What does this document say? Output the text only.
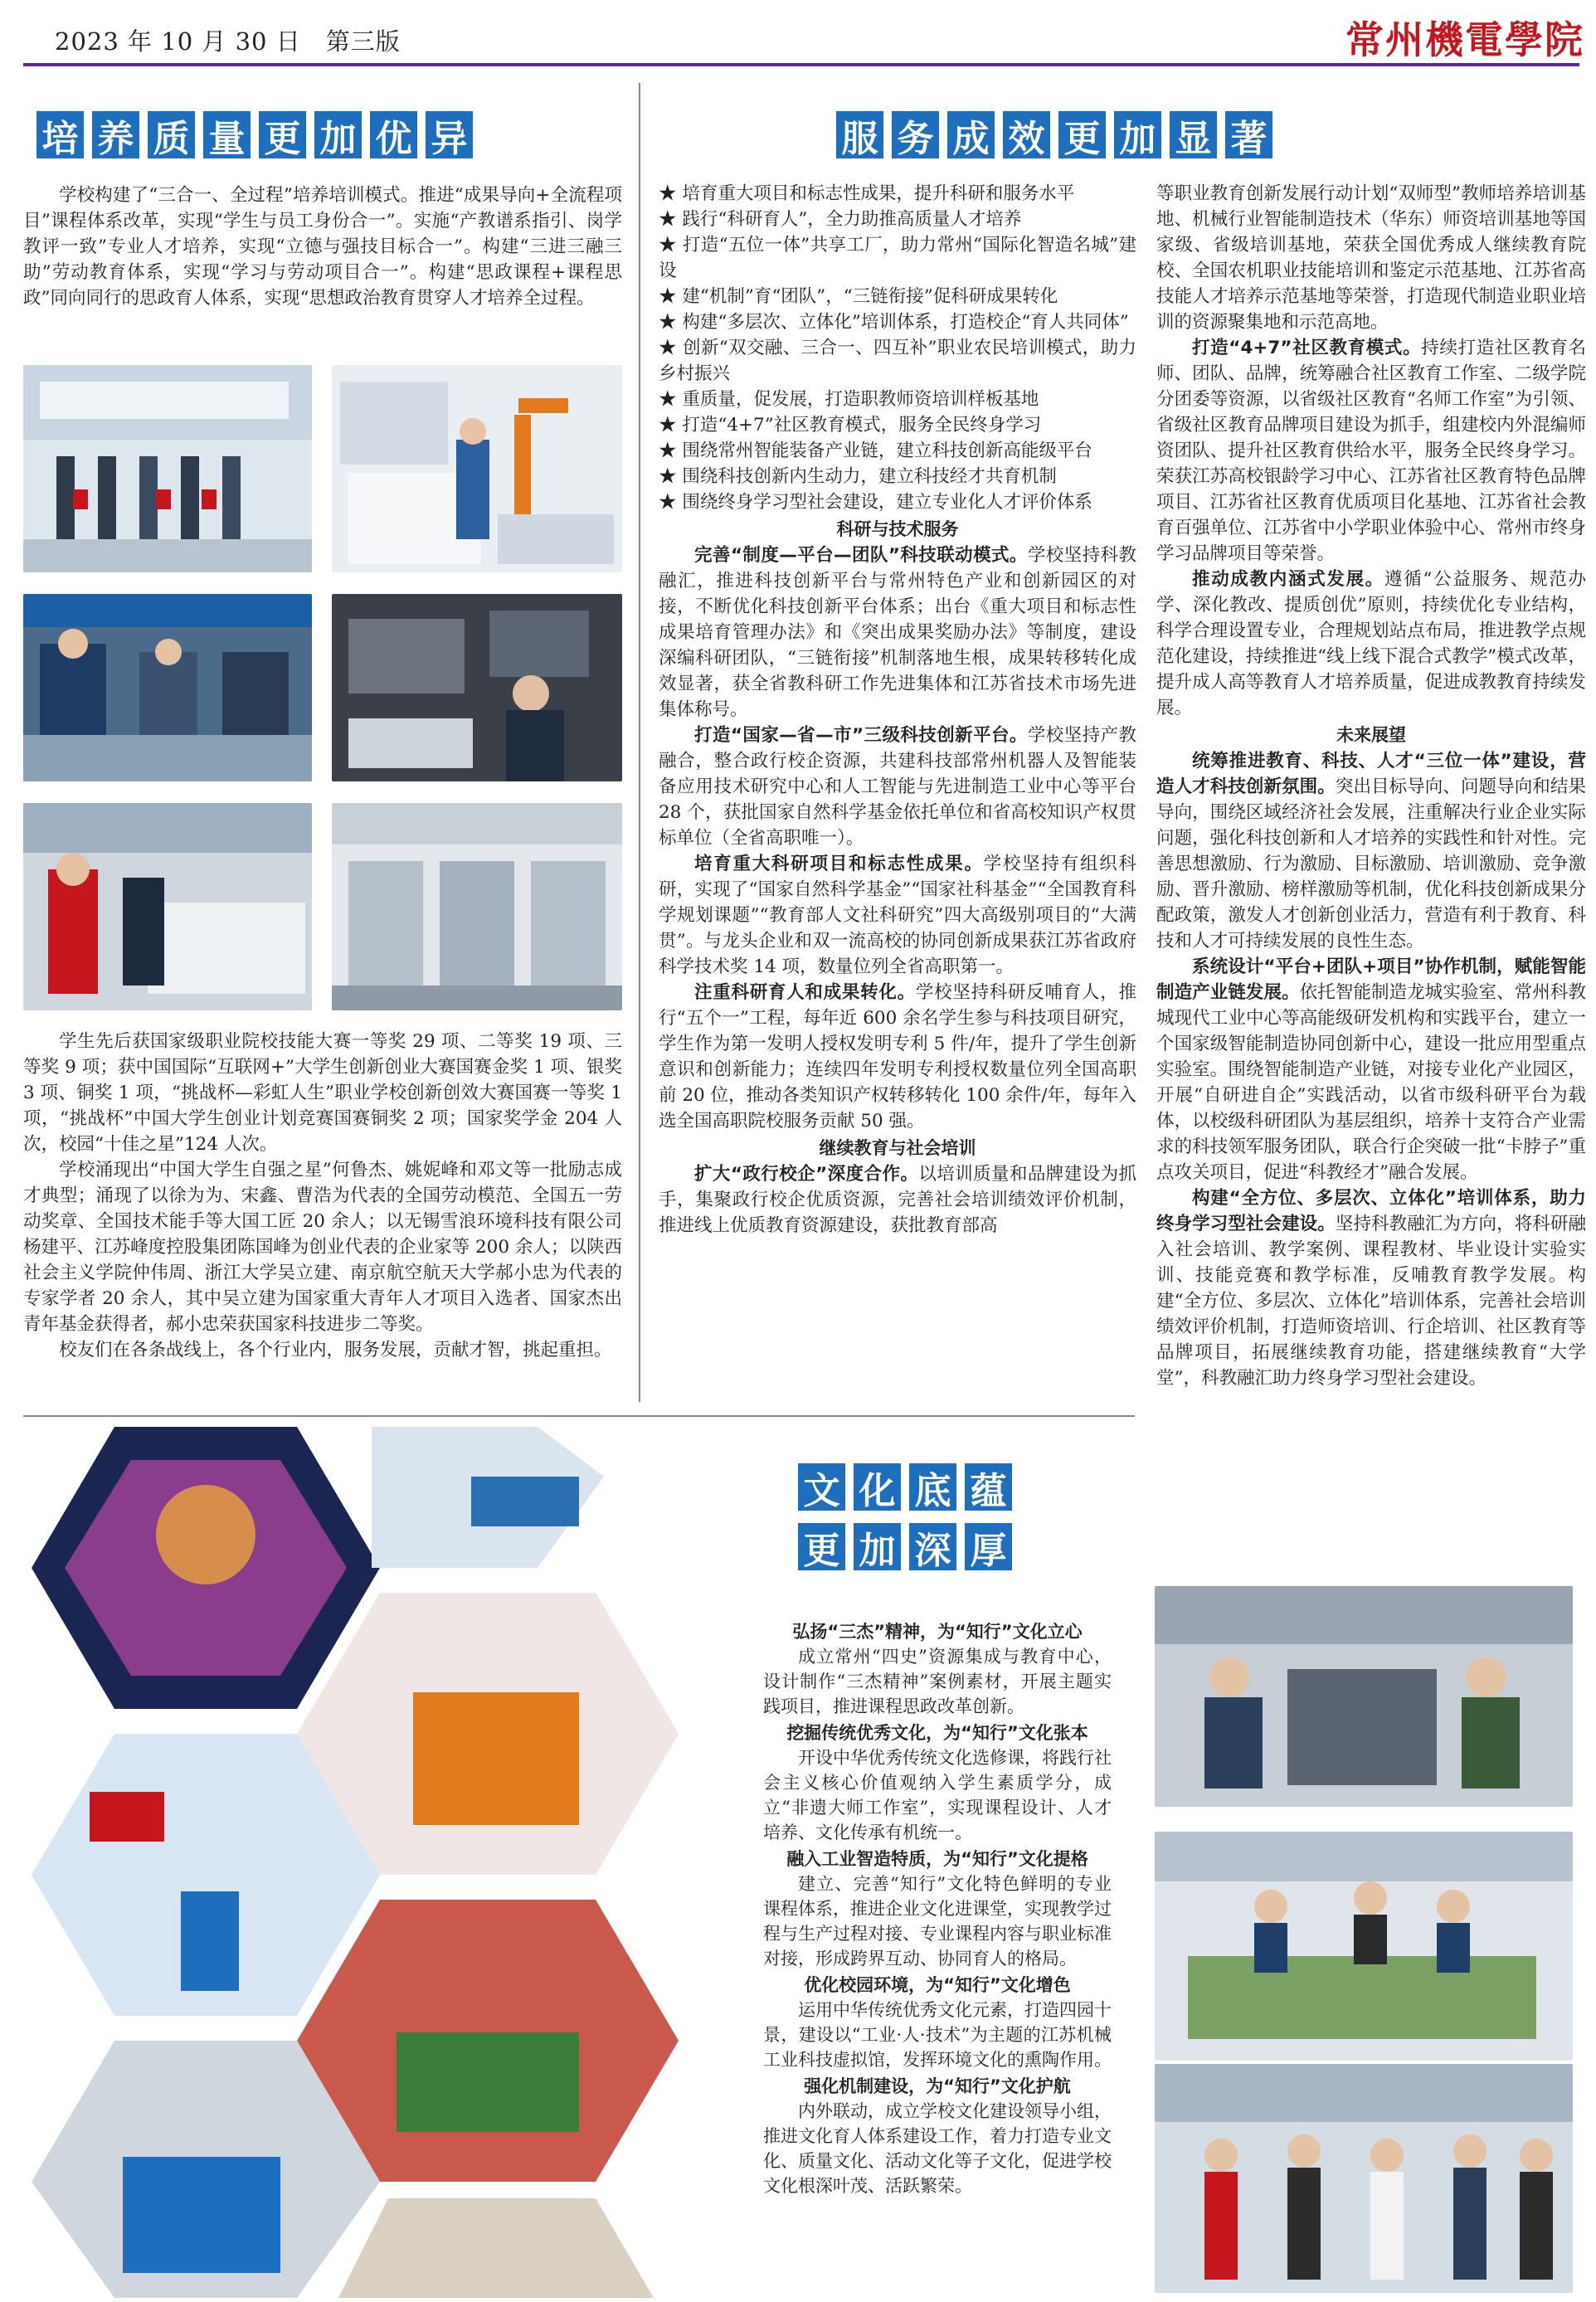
2023 年 10 月 30 日　第三版	常州機電學院
培 养 质 量 更 加 优 异	服 务 成 效 更 加 显 著

学校构建了“三合一、全过程”培养培训模式。推进“成果导向+全流程项目”课程体系改革，实现“学生与员工身份合一”。实施“产教谱系指引、岗学教评一致”专业人才培养，实现“立德与强技目标合一”。构建“三进三融三助”劳动教育体系，实现“学习与劳动项目合一”。构建“思政课程+课程思政”同向同行的思政育人体系，实现“思想政治教育贯穿人才培养全过程。

学生先后获国家级职业院校技能大赛一等奖 29 项、二等奖 19 项、三等奖 9 项；获中国国际“互联网+”大学生创新创业大赛国赛金奖 1 项、银奖 3 项、铜奖 1 项，“挑战杯—彩虹人生”职业学校创新创效大赛国赛一等奖 1 项，“挑战杯”中国大学生创业计划竞赛国赛铜奖 2 项；国家奖学金 204 人次，校园“十佳之星”124 人次。

学校涌现出“中国大学生自强之星”何鲁杰、姚妮峰和邓文等一批励志成才典型；涌现了以徐为为、宋鑫、曹浩为代表的全国劳动模范、全国五一劳动奖章、全国技术能手等大国工匠 20 余人；以无锡雪浪环境科技有限公司杨建平、江苏峰度控股集团陈国峰为创业代表的企业家等 200 余人；以陕西社会主义学院仲伟周、浙江大学吴立建、南京航空航天大学郝小忠为代表的专家学者 20 余人，其中吴立建为国家重大青年人才项目入选者、国家杰出青年基金获得者，郝小忠荣获国家科技进步二等奖。

校友们在各条战线上，各个行业内，服务发展，贡献才智，挑起重担。

★ 培育重大项目和标志性成果，提升科研和服务水平

★ 践行“科研育人”，全力助推高质量人才培养

★ 打造“五位一体”共享工厂，助力常州“国际化智造名城”建设

★ 建“机制”育“团队”，“三链衔接”促科研成果转化

★ 构建“多层次、立体化”培训体系，打造校企“育人共同体”

★ 创新“双交融、三合一、四互补”职业农民培训模式，助力乡村振兴

★ 重质量，促发展，打造职教师资培训样板基地

★ 打造“4+7”社区教育模式，服务全民终身学习

★ 围绕常州智能装备产业链，建立科技创新高能级平台

★ 围绕科技创新内生动力，建立科技经才共育机制

★ 围绕终身学习型社会建设，建立专业化人才评价体系

科研与技术服务

完善“制度—平台—团队”科技联动模式。学校坚持科教融汇，推进科技创新平台与常州特色产业和创新园区的对接，不断优化科技创新平台体系；出台《重大项目和标志性成果培育管理办法》和《突出成果奖励办法》等制度，建设深编科研团队，“三链衔接”机制落地生根，成果转移转化成效显著，获全省教科研工作先进集体和江苏省技术市场先进集体称号。

打造“国家—省—市”三级科技创新平台。学校坚持产教融合，整合政行校企资源，共建科技部常州机器人及智能装备应用技术研究中心和人工智能与先进制造工业中心等平台 28 个，获批国家自然科学基金依托单位和省高校知识产权贯标单位（全省高职唯一）。

培育重大科研项目和标志性成果。学校坚持有组织科研，实现了“国家自然科学基金”“国家社科基金”“全国教育科学规划课题”“教育部人文社科研究”四大高级别项目的“大满贯”。与龙头企业和双一流高校的协同创新成果获江苏省政府科学技术奖 14 项，数量位列全省高职第一。

注重科研育人和成果转化。学校坚持科研反哺育人，推行“五个一”工程，每年近 600 余名学生参与科技项目研究，学生作为第一发明人授权发明专利 5 件/年，提升了学生创新意识和创新能力；连续四年发明专利授权数量位列全国高职前 20 位，推动各类知识产权转移转化 100 余件/年，每年入选全国高职院校服务贡献 50 强。

继续教育与社会培训

扩大“政行校企”深度合作。以培训质量和品牌建设为抓手，集聚政行校企优质资源，完善社会培训绩效评价机制，推进线上优质教育资源建设，获批教育部高

等职业教育创新发展行动计划“双师型”教师培养培训基地、机械行业智能制造技术（华东）师资培训基地等国家级、省级培训基地，荣获全国优秀成人继续教育院校、全国农机职业技能培训和鉴定示范基地、江苏省高技能人才培养示范基地等荣誉，打造现代制造业职业培训的资源聚集地和示范高地。

打造“4+7”社区教育模式。持续打造社区教育名师、团队、品牌，统筹融合社区教育工作室、二级学院分团委等资源，以省级社区教育“名师工作室”为引领、省级社区教育品牌项目建设为抓手，组建校内外混编师资团队、提升社区教育供给水平，服务全民终身学习。荣获江苏高校银龄学习中心、江苏省社区教育特色品牌项目、江苏省社区教育优质项目化基地、江苏省社会教育百强单位、江苏省中小学职业体验中心、常州市终身学习品牌项目等荣誉。

推动成教内涵式发展。遵循“公益服务、规范办学、深化教改、提质创优”原则，持续优化专业结构，科学合理设置专业，合理规划站点布局，推进教学点规范化建设，持续推进“线上线下混合式教学”模式改革，提升成人高等教育人才培养质量，促进成教教育持续发展。

未来展望

统筹推进教育、科技、人才“三位一体”建设，营造人才科技创新氛围。突出目标导向、问题导向和结果导向，围绕区域经济社会发展，注重解决行业企业实际问题，强化科技创新和人才培养的实践性和针对性。完善思想激励、行为激励、目标激励、培训激励、竞争激励、晋升激励、榜样激励等机制，优化科技创新成果分配政策，激发人才创新创业活力，营造有利于教育、科技和人才可持续发展的良性生态。

系统设计“平台+团队+项目”协作机制，赋能智能制造产业链发展。依托智能制造龙城实验室、常州科教城现代工业中心等高能级研发机构和实践平台，建立一个国家级智能制造协同创新中心，建设一批应用型重点实验室。围绕智能制造产业链，对接专业化产业园区，开展“自研进自企”实践活动，以省市级科研平台为载体，以校级科研团队为基层组织，培养十支符合产业需求的科技领军服务团队，联合行企突破一批“卡脖子”重点攻关项目，促进“科教经才”融合发展。

构建“全方位、多层次、立体化”培训体系，助力终身学习型社会建设。坚持科教融汇为方向，将科研融入社会培训、教学案例、课程教材、毕业设计实验实训、技能竞赛和教学标准，反哺教育教学发展。构建“全方位、多层次、立体化”培训体系，完善社会培训绩效评价机制，打造师资培训、行企培训、社区教育等品牌项目，拓展继续教育功能，搭建继续教育“大学堂”，科教融汇助力终身学习型社会建设。

文 化 底 蕴
更 加 深 厚

弘扬“三杰”精神，为“知行”文化立心

成立常州“四史”资源集成与教育中心，设计制作“三杰精神”案例素材，开展主题实践项目，推进课程思政改革创新。

挖掘传统优秀文化，为“知行”文化张本

开设中华优秀传统文化选修课，将践行社会主义核心价值观纳入学生素质学分，成立“非遗大师工作室”，实现课程设计、人才培养、文化传承有机统一。

融入工业智造特质，为“知行”文化提格

建立、完善“知行”文化特色鲜明的专业课程体系，推进企业文化进课堂，实现教学过程与生产过程对接、专业课程内容与职业标准对接，形成跨界互动、协同育人的格局。

优化校园环境，为“知行”文化增色

运用中华传统优秀文化元素，打造四园十景，建设以“工业·人·技术”为主题的江苏机械工业科技虚拟馆，发挥环境文化的熏陶作用。

强化机制建设，为“知行”文化护航

内外联动，成立学校文化建设领导小组，推进文化育人体系建设工作，着力打造专业文化、质量文化、活动文化等子文化，促进学校文化根深叶茂、活跃繁荣。
